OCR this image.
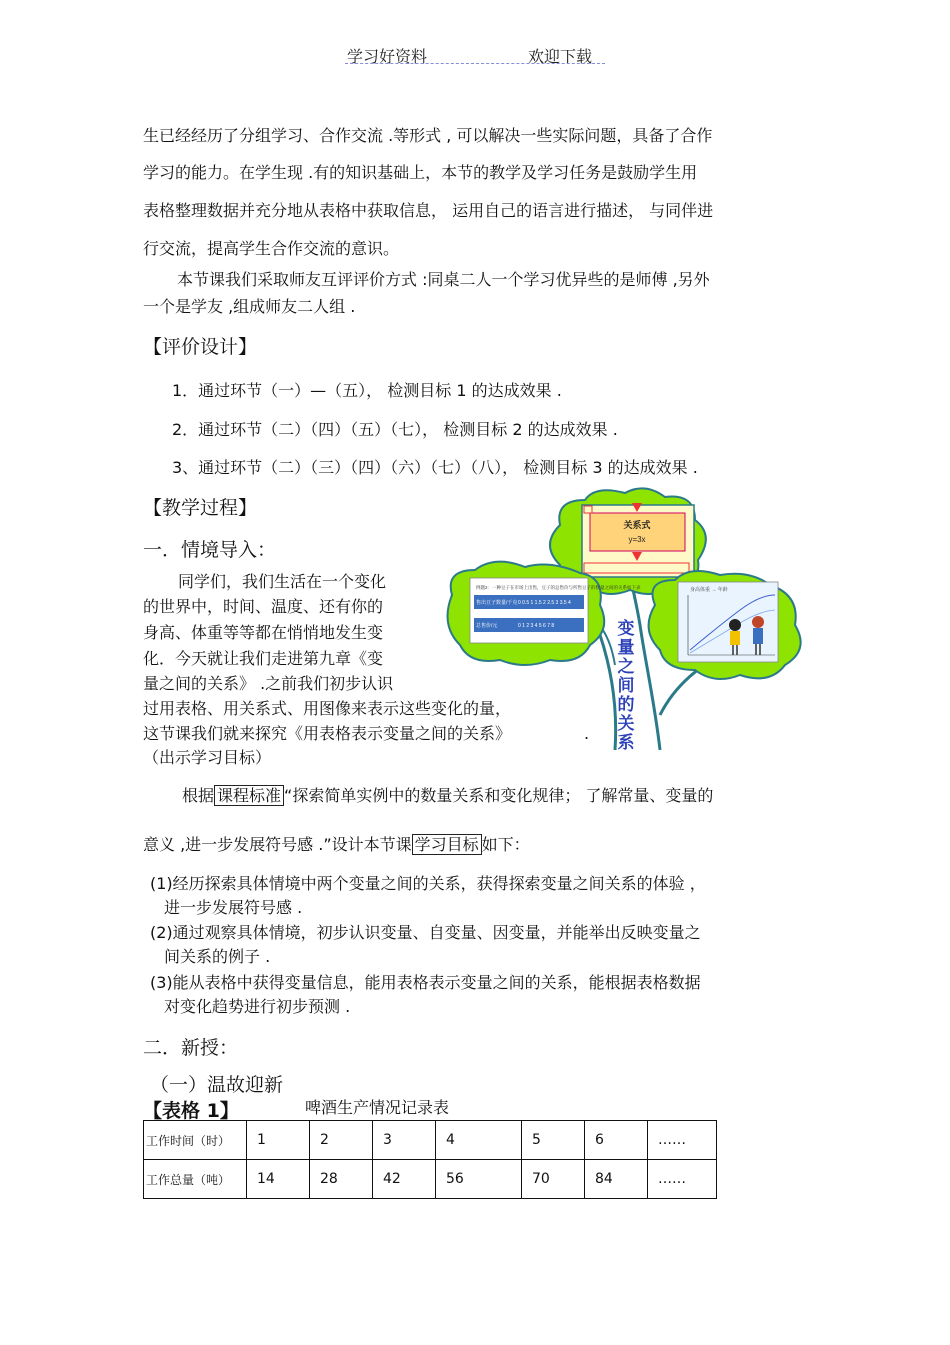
学习好资料	欢迎下载
生已经经历了分组学习、合作交流 .等形式 , 可以解决一些实际问题，具备了合作
学习的能力。在学生现 .有的知识基础上，本节的教学及学习任务是鼓励学生用
表格整理数据并充分地从表格中获取信息， 运用自己的语言进行描述， 与同伴进
行交流，提高学生合作交流的意识。
本节课我们采取师友互评评价方式 :同桌二人一个学习优异些的是师傅 ,另外
一个是学友 ,组成师友二人组 .
【评价设计】
1．通过环节（一）—（五）， 检测目标 1 的达成效果 .
2．通过环节（二）（四）（五）（七）， 检测目标 2 的达成效果 .
3、通过环节（二）（三）（四）（六）（七）（八）， 检测目标 3 的达成效果 .
【教学过程】
一．情境导入：
同学们，我们生活在一个变化
的世界中，时间、温度、还有你的
身高、体重等等都在悄悄地发生变
化．今天就让我们走进第九章《变
量之间的关系》 .之前我们初步认识
过用表格、用关系式、用图像来表示这些变化的量，
这节课我们就来探究《用表格表示变量之间的关系》	.
（出示学习目标）
关系式
y=3x
例题2：一种豆子在市场上出售，豆子的总售价与所售豆子的数量之间的关系如下表
售出豆子数量/千克 0 0.5 1 1.5 2 2.5 3 3.5 4
总售价/元	0 1 2 3 4 5 6 7 8
身高体重 → 年龄
变量之间的关系
根据 课程标准 “探索简单实例中的数量关系和变化规律； 了解常量、变量的
意义 ,进一步发展符号感 .”设计本节课 学习目标 如下：
(1)经历探索具体情境中两个变量之间的关系，获得探索变量之间关系的体验 ，
进一步发展符号感 .
(2)通过观察具体情境，初步认识变量、自变量、因变量，并能举出反映变量之
间关系的例子 .
(3)能从表格中获得变量信息，能用表格表示变量之间的关系，能根据表格数据
对变化趋势进行初步预测 .
二．新授：
（一）温故迎新
【表格 1】	啤酒生产情况记录表
工作时间（时）	1	2	3	4	5	6	……
工作总量（吨）	14	28	42	56	70	84	……
